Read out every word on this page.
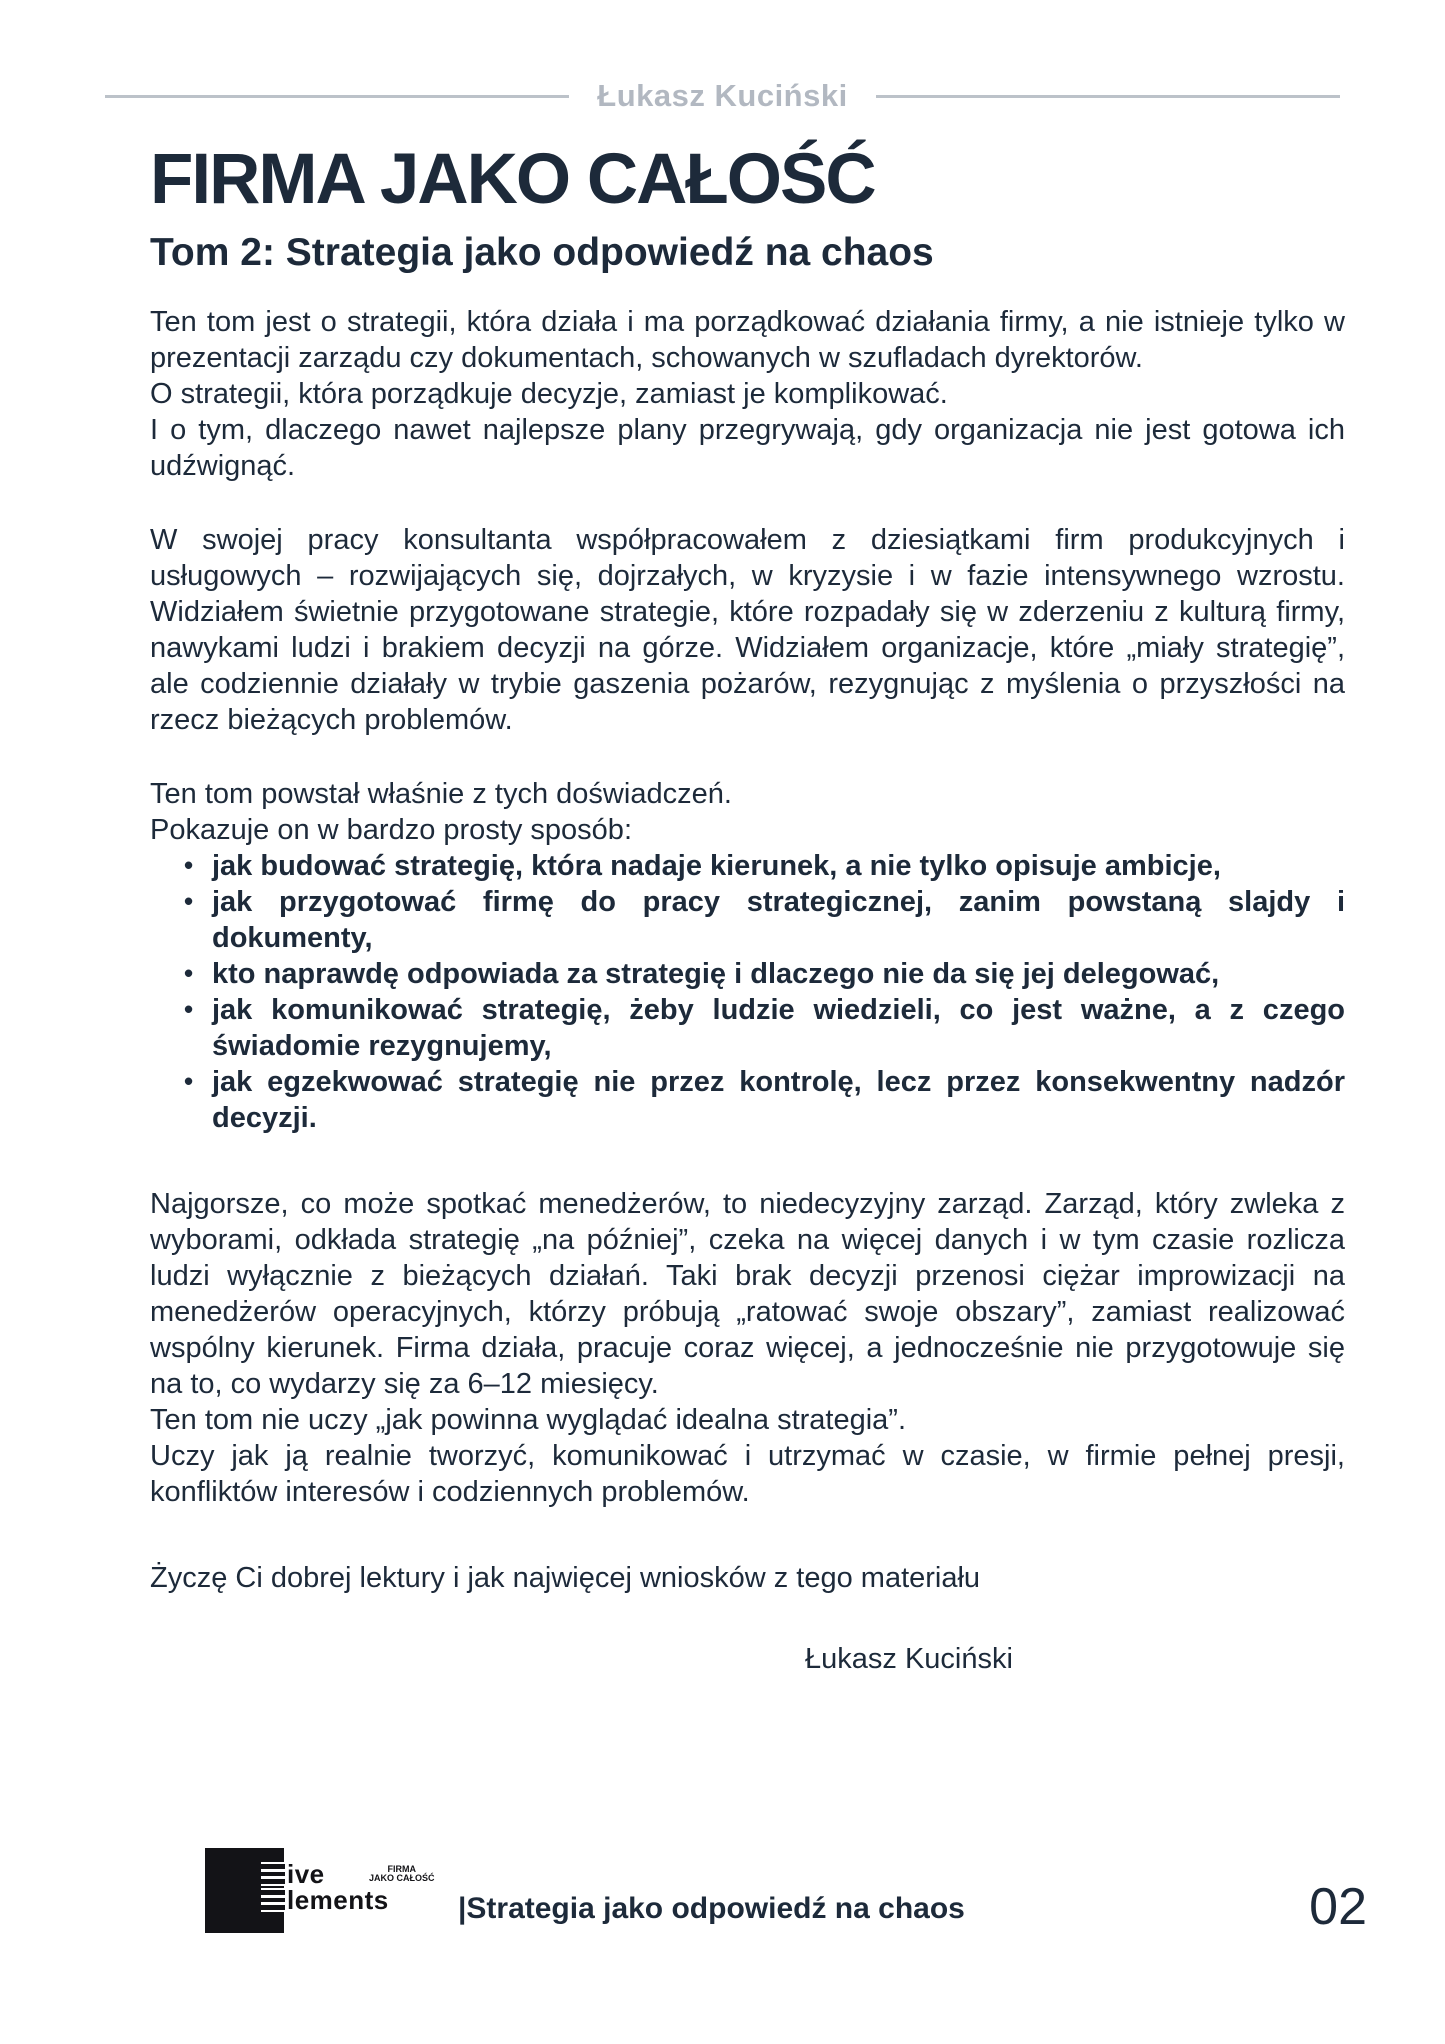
Łukasz Kuciński
FIRMA JAKO CAŁOŚĆ
Tom 2: Strategia jako odpowiedź na chaos
Ten tom jest o strategii, która działa i ma porządkować działania firmy, a nie istnieje tylko w prezentacji zarządu czy dokumentach, schowanych w szufladach dyrektorów.
O strategii, która porządkuje decyzje, zamiast je komplikować.
I o tym, dlaczego nawet najlepsze plany przegrywają, gdy organizacja nie jest gotowa ich udźwignąć.
W swojej pracy konsultanta współpracowałem z dziesiątkami firm produkcyjnych i usługowych – rozwijających się, dojrzałych, w kryzysie i w fazie intensywnego wzrostu. Widziałem świetnie przygotowane strategie, które rozpadały się w zderzeniu z kulturą firmy, nawykami ludzi i brakiem decyzji na górze. Widziałem organizacje, które „miały strategię”, ale codziennie działały w trybie gaszenia pożarów, rezygnując z myślenia o przyszłości na rzecz bieżących problemów.
Ten tom powstał właśnie z tych doświadczeń.
Pokazuje on w bardzo prosty sposób:
• jak budować strategię, która nadaje kierunek, a nie tylko opisuje ambicje,
• jak przygotować firmę do pracy strategicznej, zanim powstaną slajdy i dokumenty,
• kto naprawdę odpowiada za strategię i dlaczego nie da się jej delegować,
• jak komunikować strategię, żeby ludzie wiedzieli, co jest ważne, a z czego świadomie rezygnujemy,
• jak egzekwować strategię nie przez kontrolę, lecz przez konsekwentny nadzór decyzji.
Najgorsze, co może spotkać menedżerów, to niedecyzyjny zarząd. Zarząd, który zwleka z wyborami, odkłada strategię „na później”, czeka na więcej danych i w tym czasie rozlicza ludzi wyłącznie z bieżących działań. Taki brak decyzji przenosi ciężar improwizacji na menedżerów operacyjnych, którzy próbują „ratować swoje obszary”, zamiast realizować wspólny kierunek. Firma działa, pracuje coraz więcej, a jednocześnie nie przygotowuje się na to, co wydarzy się za 6–12 miesięcy.
Ten tom nie uczy „jak powinna wyglądać idealna strategia”.
Uczy jak ją realnie tworzyć, komunikować i utrzymać w czasie, w firmie pełnej presji, konfliktów interesów i codziennych problemów.
Życzę Ci dobrej lektury i jak najwięcej wniosków z tego materiału
Łukasz Kuciński
ive
lements
FIRMA
JAKO CAŁOŚĆ
|Strategia jako odpowiedź na chaos	02
